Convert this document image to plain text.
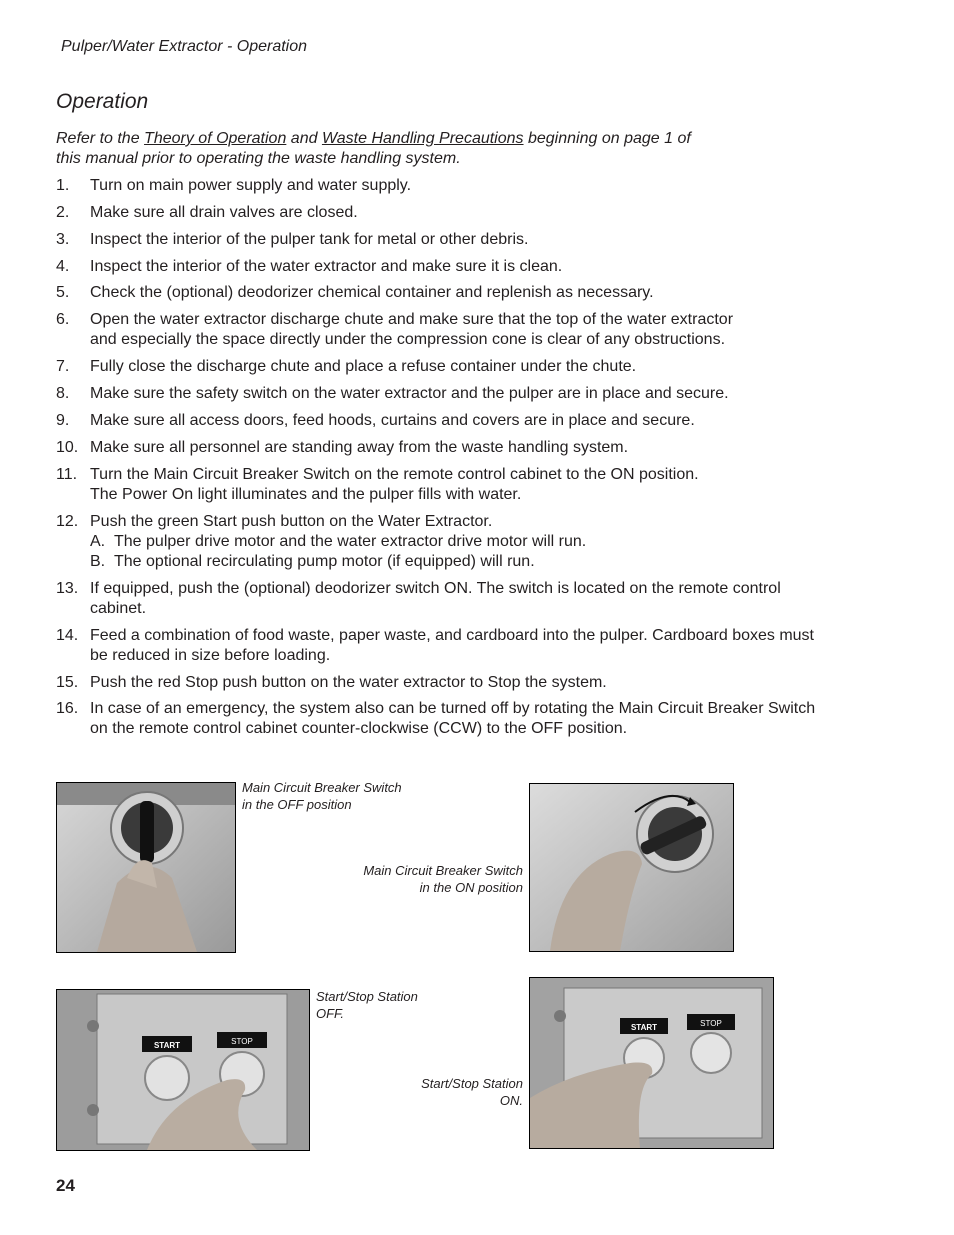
Pulper/Water Extractor - Operation
Operation
Refer to the Theory of Operation and Waste Handling Precautions beginning on page 1 of this manual prior to operating the waste handling system.
1. Turn on main power supply and water supply.
2. Make sure all drain valves are closed.
3. Inspect the interior of the pulper tank for metal or other debris.
4. Inspect the interior of the water extractor and make sure it is clean.
5. Check the (optional) deodorizer chemical container and replenish as necessary.
6. Open the water extractor discharge chute and make sure that the top of the water extractor
and especially the space directly under the compression cone is clear of any obstructions.
7. Fully close the discharge chute and place a refuse container under the chute.
8. Make sure the safety switch on the water extractor and the pulper are in place and secure.
9. Make sure all access doors, feed hoods, curtains and covers are in place and secure.
10. Make sure all personnel are standing away from the waste handling system.
11. Turn the Main Circuit Breaker Switch on the remote control cabinet to the ON position.
The Power On light illuminates and the pulper fills with water.
12. Push the green Start push button on the Water Extractor.
A. The pulper drive motor and the water extractor drive motor will run.
B. The optional recirculating pump motor (if equipped) will run.
13. If equipped, push the (optional) deodorizer switch ON. The switch is located on the remote control
cabinet.
14. Feed a combination of food waste, paper waste, and cardboard into the pulper. Cardboard boxes must
be reduced in size before loading.
15. Push the red Stop push button on the water extractor to Stop the system.
16. In case of an emergency, the system also can be turned off by rotating the Main Circuit Breaker Switch
on the remote control cabinet counter-clockwise (CCW) to the OFF position.
Main Circuit Breaker Switch
in the OFF position
Main Circuit Breaker Switch
in the ON position
START	STOP
Start/Stop Station
OFF.
Start/Stop Station
ON.
START	STOP
24
